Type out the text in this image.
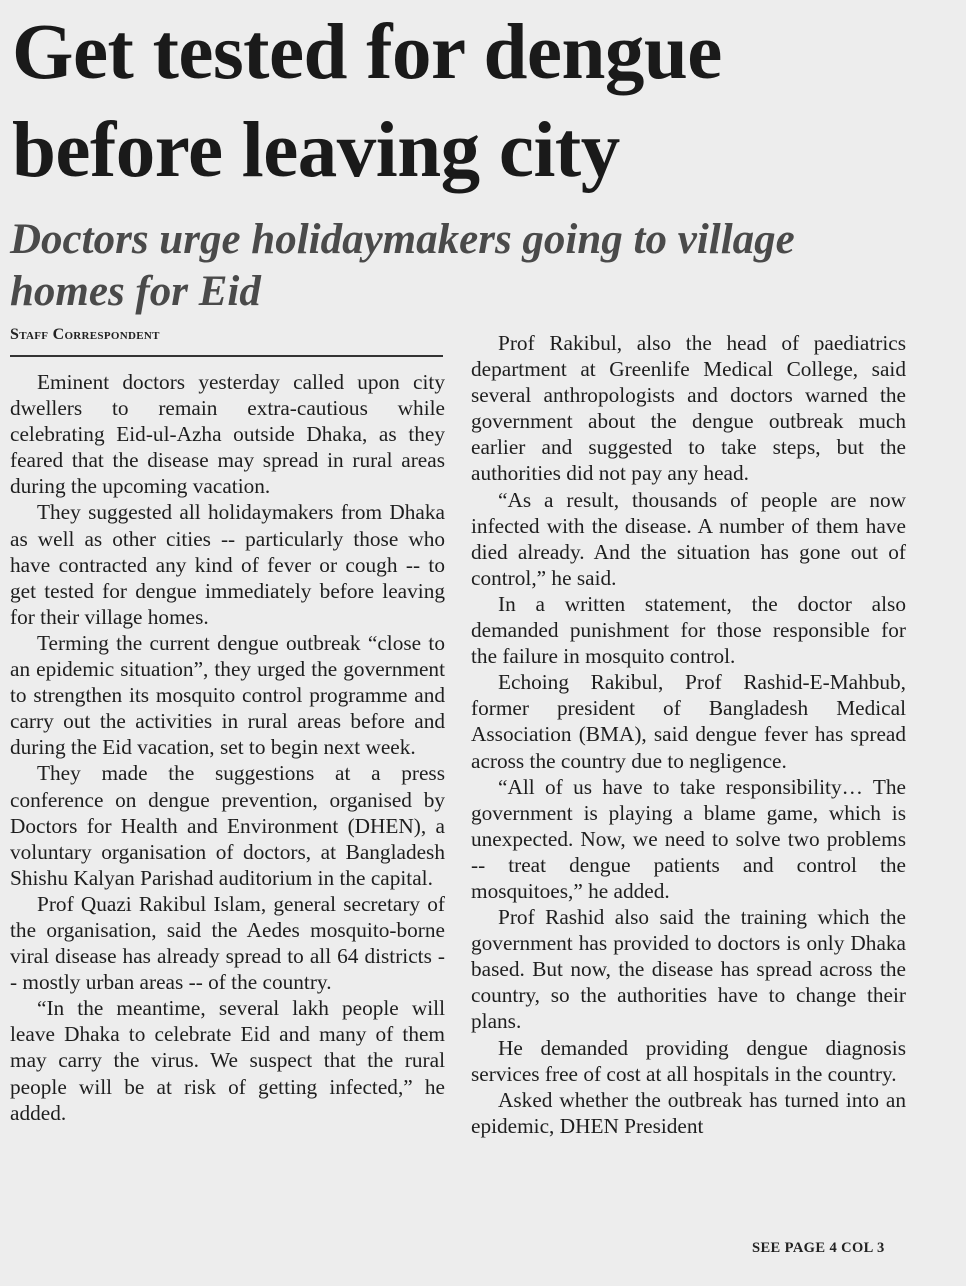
Get tested for dengue
before leaving city
Doctors urge holidaymakers going to village
homes for Eid
Staff Correspondent

Eminent doctors yesterday called upon city dwellers to remain extra-cautious while celebrating Eid-ul-Azha outside Dhaka, as they feared that the disease may spread in rural areas during the upcoming vacation.

They suggested all holidaymakers from Dhaka as well as other cities -- particularly those who have contracted any kind of fever or cough -- to get tested for dengue immediately before leaving for their village homes.

Terming the current dengue outbreak “close to an epidemic situation”, they urged the government to strengthen its mosquito control programme and carry out the activities in rural areas before and during the Eid vacation, set to begin next week.

They made the suggestions at a press conference on dengue prevention, organised by Doctors for Health and Environment (DHEN), a voluntary organisation of doctors, at Bangladesh Shishu Kalyan Parishad auditorium in the capital.

Prof Quazi Rakibul Islam, general secretary of the organisation, said the Aedes mosquito-borne viral disease has already spread to all 64 districts -- mostly urban areas -- of the country.

“In the meantime, several lakh people will leave Dhaka to celebrate Eid and many of them may carry the virus. We suspect that the rural people will be at risk of getting infected,” he added.

Prof Rakibul, also the head of paediatrics department at Greenlife Medical College, said several anthropologists and doctors warned the government about the dengue outbreak much earlier and suggested to take steps, but the authorities did not pay any head.

“As a result, thousands of people are now infected with the disease. A number of them have died already. And the situation has gone out of control,” he said.

In a written statement, the doctor also demanded punishment for those responsible for the failure in mosquito control.

Echoing Rakibul, Prof Rashid-E-Mahbub, former president of Bangladesh Medical Association (BMA), said dengue fever has spread across the country due to negligence.

“All of us have to take responsibility… The government is playing a blame game, which is unexpected. Now, we need to solve two problems -- treat dengue patients and control the mosquitoes,” he added.

Prof Rashid also said the training which the government has provided to doctors is only Dhaka based. But now, the disease has spread across the country, so the authorities have to change their plans.

He demanded providing dengue diagnosis services free of cost at all hospitals in the country.

Asked whether the outbreak has turned into an epidemic, DHEN President

SEE PAGE 4 COL 3
